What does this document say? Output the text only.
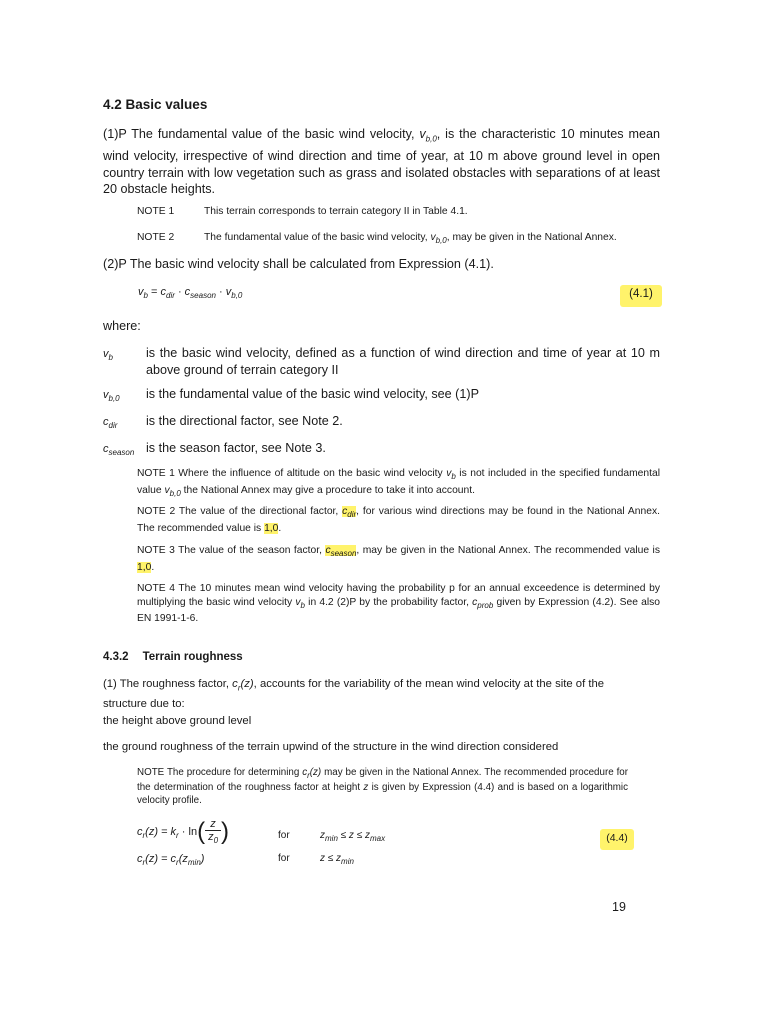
4.2 Basic values
(1)P The fundamental value of the basic wind velocity, $v_{b,0}$, is the characteristic 10 minutes mean wind velocity, irrespective of wind direction and time of year, at 10 m above ground level in open country terrain with low vegetation such as grass and isolated obstacles with separations of at least 20 obstacle heights.
NOTE 1	This terrain corresponds to terrain category II in Table 4.1.
NOTE 2	The fundamental value of the basic wind velocity, $v_{b,0}$, may be given in the National Annex.
(2)P The basic wind velocity shall be calculated from Expression (4.1).
$v_b = c_{dir} \cdot c_{season} \cdot v_{b,0}$	(4.1)
where:
$v_b$	is the basic wind velocity, defined as a function of wind direction and time of year at 10 m above ground of terrain category II
$v_{b,0}$ is the fundamental value of the basic wind velocity, see (1)P
$c_{dir}$ is the directional factor, see Note 2.
$c_{season}$ is the season factor, see Note 3.
NOTE 1 Where the influence of altitude on the basic wind velocity $v_b$ is not included in the specified fundamental value $v_{b,0}$ the National Annex may give a procedure to take it into account.
NOTE 2 The value of the directional factor, $c_{dir}$, for various wind directions may be found in the National Annex. The recommended value is 1,0.
NOTE 3 The value of the season factor, $c_{season}$, may be given in the National Annex. The recommended value is 1,0.
NOTE 4 The 10 minutes mean wind velocity having the probability p for an annual exceedence is determined by multiplying the basic wind velocity $v_b$ in 4.2 (2)P by the probability factor, $c_{prob}$ given by Expression (4.2). See also EN 1991-1-6.
4.3.2 Terrain roughness
(1) The roughness factor, $c_r(z)$, accounts for the variability of the mean wind velocity at the site of the structure due to:
the height above ground level
the ground roughness of the terrain upwind of the structure in the wind direction considered
NOTE The procedure for determining $c_r(z)$ may be given in the National Annex. The recommended procedure for the determination of the roughness factor at height z is given by Expression (4.4) and is based on a logarithmic velocity profile.
$c_r(z) = k_r \cdot \ln( \frac{z}{z_0}$ )	for	$z_{min} \le z \le z_{max}$	(4.4)
$c_r(z) = c_r(z_{min})$	for	$z \le z_{min}$
19
